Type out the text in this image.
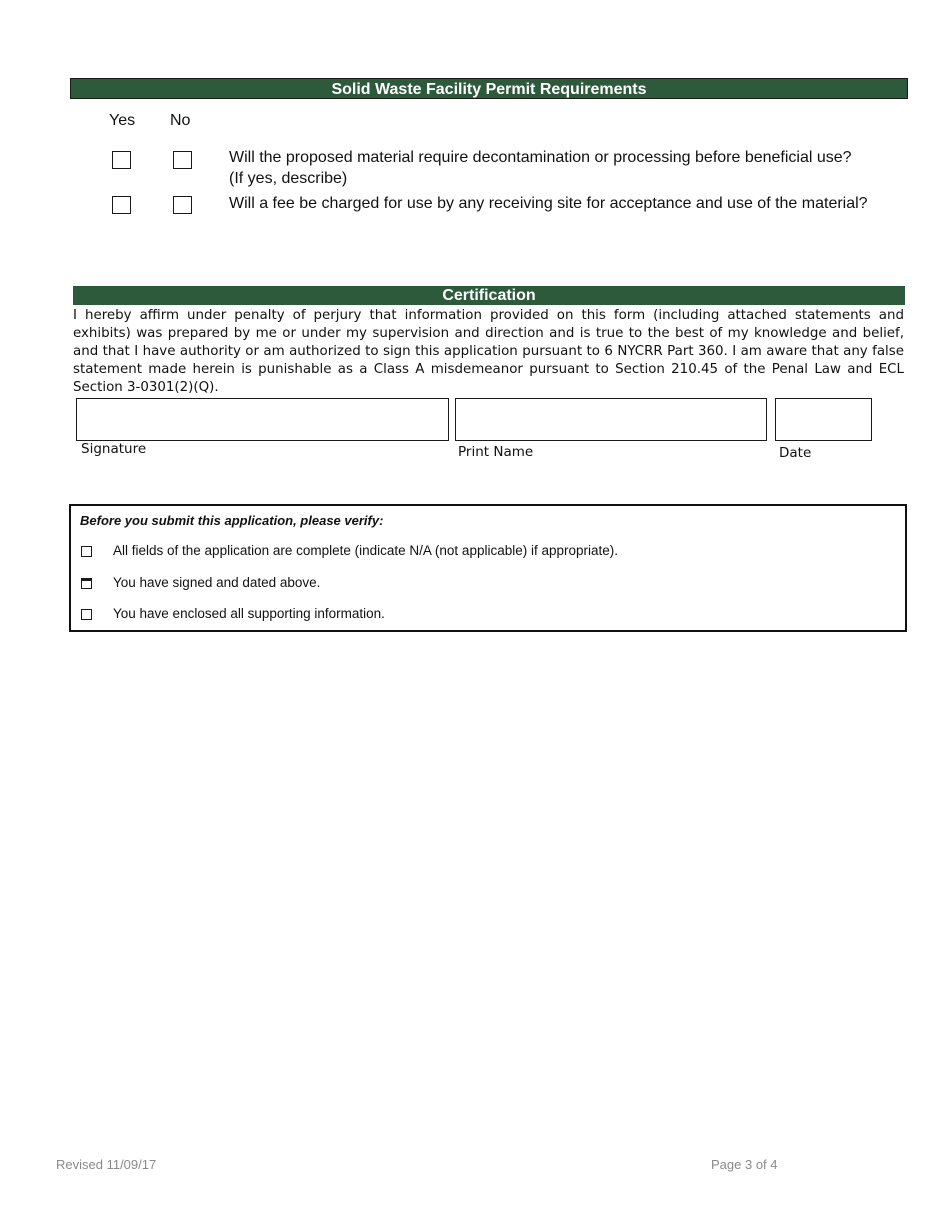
Solid Waste Facility Permit Requirements
Yes No
Will the proposed material require decontamination or processing before beneficial use? (If yes, describe)
Will a fee be charged for use by any receiving site for acceptance and use of the material?
Certification
I hereby affirm under penalty of perjury that information provided on this form (including attached statements and exhibits) was prepared by me or under my supervision and direction and is true to the best of my knowledge and belief, and that I have authority or am authorized to sign this application pursuant to 6 NYCRR Part 360. I am aware that any false statement made herein is punishable as a Class A misdemeanor pursuant to Section 210.45 of the Penal Law and ECL Section 3-0301(2)(Q).
Signature	Print Name	Date
Before you submit this application, please verify:
All fields of the application are complete (indicate N/A (not applicable) if appropriate).
You have signed and dated above.
You have enclosed all supporting information.
Revised 11/09/17	Page 3 of 4
